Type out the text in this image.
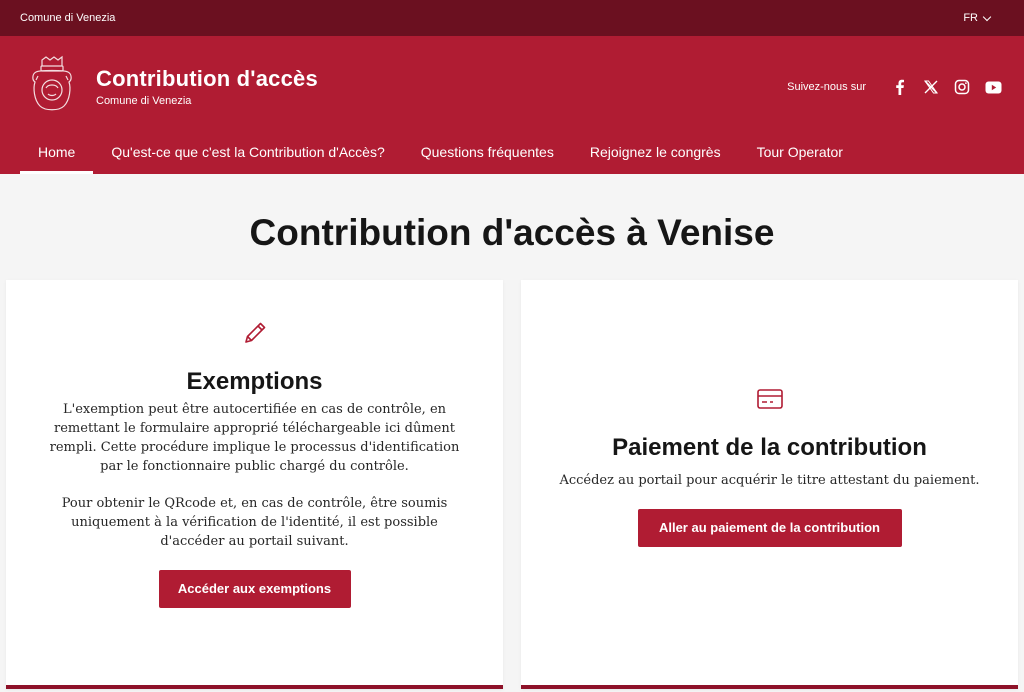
Comune di Venezia	FR
Contribution d'accès
Comune di Venezia
Suivez-nous sur
Home	Qu'est-ce que c'est la Contribution d'Accès?	Questions fréquentes	Rejoignez le congrès	Tour Operator
Contribution d'accès à Venise
Exemptions

L'exemption peut être autocertifiée en cas de contrôle, en remettant le formulaire approprié téléchargeable ici dûment rempli. Cette procédure implique le processus d'identification par le fonctionnaire public chargé du contrôle.

Pour obtenir le QRcode et, en cas de contrôle, être soumis uniquement à la vérification de l'identité, il est possible d'accéder au portail suivant.

Accéder aux exemptions
Paiement de la contribution

Accédez au portail pour acquérir le titre attestant du paiement.

Aller au paiement de la contribution
